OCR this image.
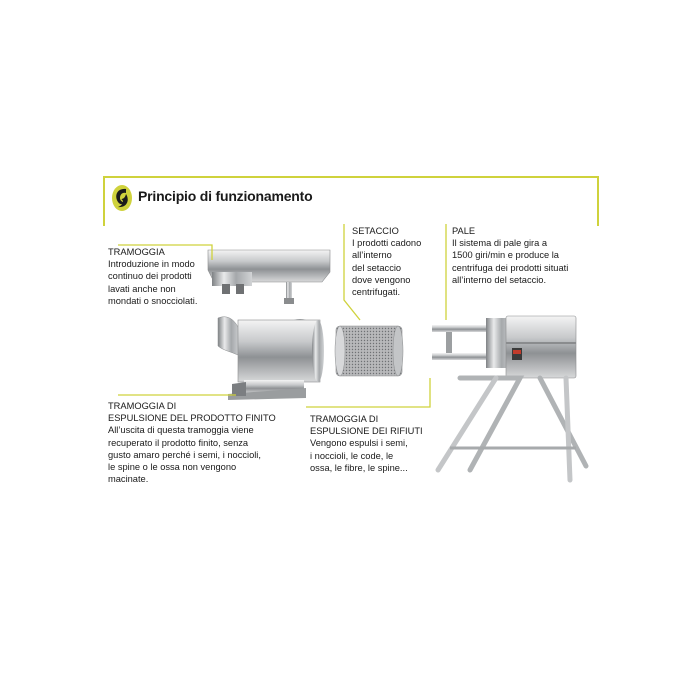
Principio di funzionamento
TRAMOGGIA
Introduzione in modo
continuo dei prodotti
lavati anche non
mondati o snocciolati.
SETACCIO
I prodotti cadono
all’interno
del setaccio
dove vengono
centrifugati.
PALE
Il sistema di pale gira a
1500 giri/min e produce la
centrifuga dei prodotti situati
all’interno del setaccio.
TRAMOGGIA DI
ESPULSIONE DEL PRODOTTO FINITO
All’uscita di questa tramoggia viene
recuperato il prodotto finito, senza
gusto amaro perché i semi, i noccioli,
le spine o le ossa non vengono
macinate.
TRAMOGGIA DI
ESPULSIONE DEI RIFIUTI
Vengono espulsi i semi,
i noccioli, le code, le
ossa, le fibre, le spine...
